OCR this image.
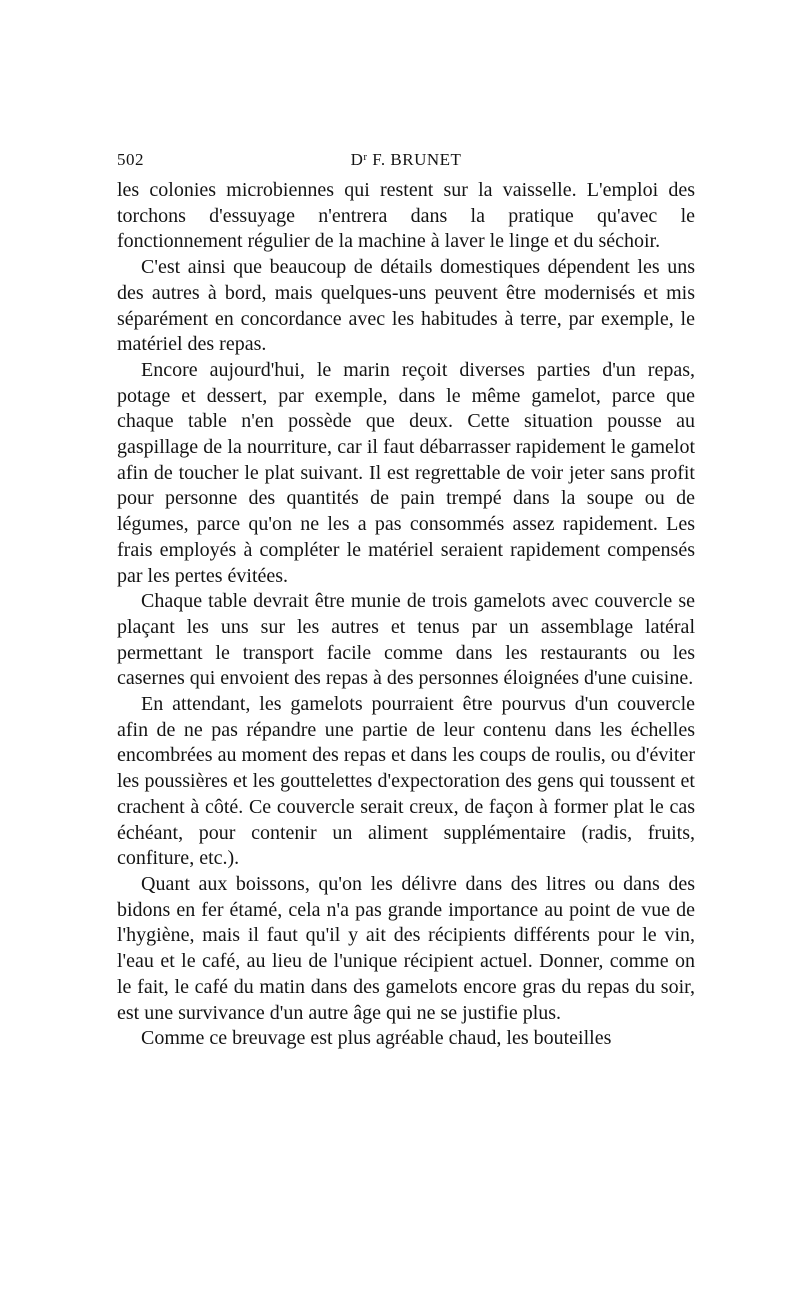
502	$D^r$ F. BRUNET

les colonies microbiennes qui restent sur la vaisselle. L'emploi des torchons d'essuyage n'entrera dans la pratique qu'avec le fonctionnement régulier de la machine à laver le linge et du séchoir.

C'est ainsi que beaucoup de détails domestiques dépendent les uns des autres à bord, mais quelques-uns peuvent être modernisés et mis séparément en concordance avec les habitudes à terre, par exemple, le matériel des repas.

Encore aujourd'hui, le marin reçoit diverses parties d'un repas, potage et dessert, par exemple, dans le même gamelot, parce que chaque table n'en possède que deux. Cette situation pousse au gaspillage de la nourriture, car il faut débarrasser rapidement le gamelot afin de toucher le plat suivant. Il est regrettable de voir jeter sans profit pour personne des quantités de pain trempé dans la soupe ou de légumes, parce qu'on ne les a pas consommés assez rapidement. Les frais employés à compléter le matériel seraient rapidement compensés par les pertes évitées.

Chaque table devrait être munie de trois gamelots avec couvercle se plaçant les uns sur les autres et tenus par un assemblage latéral permettant le transport facile comme dans les restaurants ou les casernes qui envoient des repas à des personnes éloignées d'une cuisine.

En attendant, les gamelots pourraient être pourvus d'un couvercle afin de ne pas répandre une partie de leur contenu dans les échelles encombrées au moment des repas et dans les coups de roulis, ou d'éviter les poussières et les gouttelettes d'expectoration des gens qui toussent et crachent à côté. Ce couvercle serait creux, de façon à former plat le cas échéant, pour contenir un aliment supplémentaire (radis, fruits, confiture, etc.).

Quant aux boissons, qu'on les délivre dans des litres ou dans des bidons en fer étamé, cela n'a pas grande importance au point de vue de l'hygiène, mais il faut qu'il y ait des récipients différents pour le vin, l'eau et le café, au lieu de l'unique récipient actuel. Donner, comme on le fait, le café du matin dans des gamelots encore gras du repas du soir, est une survivance d'un autre âge qui ne se justifie plus.

Comme ce breuvage est plus agréable chaud, les bouteilles
